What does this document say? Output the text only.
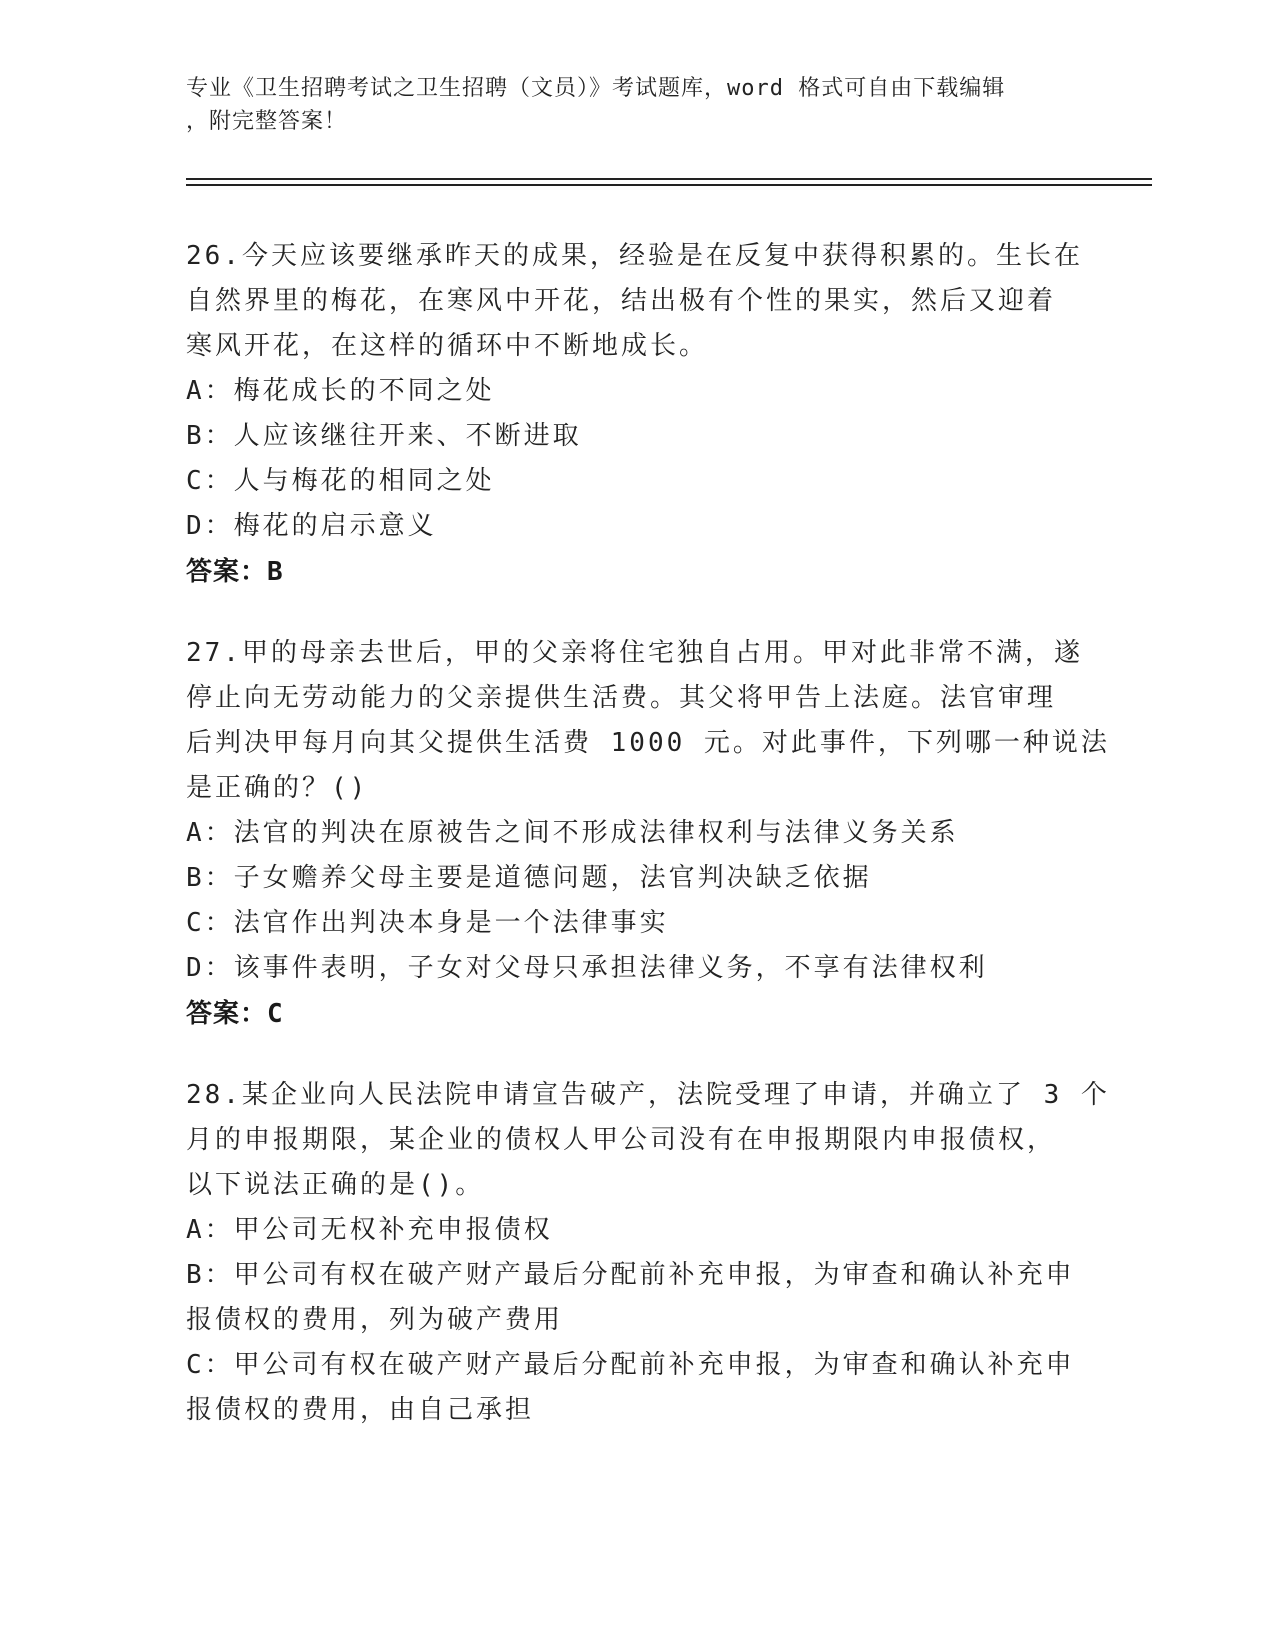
专业《卫生招聘考试之卫生招聘（文员）》考试题库，word 格式可自由下载编辑
，附完整答案！
26.今天应该要继承昨天的成果，经验是在反复中获得积累的。生长在
自然界里的梅花，在寒风中开花，结出极有个性的果实，然后又迎着
寒风开花，在这样的循环中不断地成长。
A：梅花成长的不同之处
B：人应该继往开来、不断进取
C：人与梅花的相同之处
D：梅花的启示意义
答案：B
27.甲的母亲去世后，甲的父亲将住宅独自占用。甲对此非常不满，遂
停止向无劳动能力的父亲提供生活费。其父将甲告上法庭。法官审理
后判决甲每月向其父提供生活费 1000 元。对此事件，下列哪一种说法
是正确的？()
A：法官的判决在原被告之间不形成法律权利与法律义务关系
B：子女赡养父母主要是道德问题，法官判决缺乏依据
C：法官作出判决本身是一个法律事实
D：该事件表明，子女对父母只承担法律义务，不享有法律权利
答案：C
28.某企业向人民法院申请宣告破产，法院受理了申请，并确立了 3 个
月的申报期限，某企业的债权人甲公司没有在申报期限内申报债权，
以下说法正确的是()。
A：甲公司无权补充申报债权
B：甲公司有权在破产财产最后分配前补充申报，为审查和确认补充申
报债权的费用，列为破产费用
C：甲公司有权在破产财产最后分配前补充申报，为审查和确认补充申
报债权的费用，由自己承担
